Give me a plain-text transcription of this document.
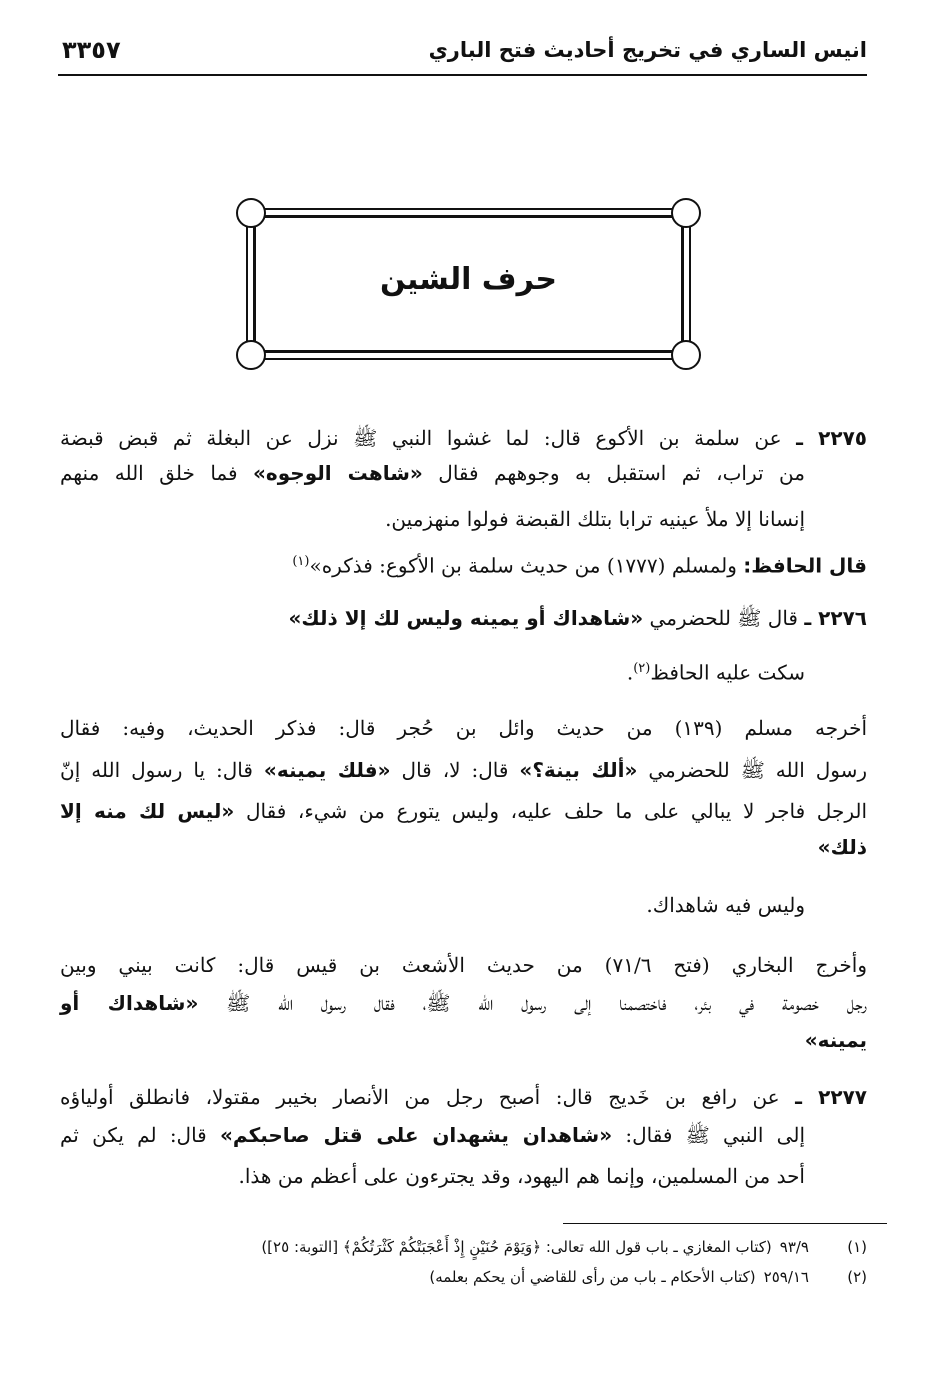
انيس الساري في تخريج أحاديث فتح الباري
٣٣٥٧
حرف الشين
٢٢٧٥ ـ عن سلمة بن الأكوع قال: لما غشوا النبي ﷺ نزل عن البغلة ثم قبض قبضة
من تراب، ثم استقبل به وجوههم فقال «شاهت الوجوه» فما خلق الله منهم
إنسانا إلا ملأ عينيه ترابا بتلك القبضة فولوا منهزمين.
قال الحافظ: ولمسلم (١٧٧٧) من حديث سلمة بن الأكوع: فذكره»$^{(١)}$
٢٢٧٦ ـ قال ﷺ للحضرمي «شاهداك أو يمينه وليس لك إلا ذلك»
سكت عليه الحافظ$^{(٢)}$.
أخرجه مسلم (١٣٩) من حديث وائل بن حُجر قال: فذكر الحديث، وفيه: فقال
رسول الله ﷺ للحضرمي «ألك بينة؟» قال: لا، قال «فلك يمينه» قال: يا رسول الله إنّ
الرجل فاجر لا يبالي على ما حلف عليه، وليس يتورع من شيء، فقال «ليس لك منه إلا
ذلك»
وليس فيه شاهداك.
وأخرج البخاري (فتح ٧١/٦) من حديث الأشعث بن قيس قال: كانت بيني وبين
رجل خصومة في بئر، فاختصمنا إلى رسول الله ﷺ، فقال رسول الله ﷺ «شاهداك أو
يمينه»
٢٢٧٧ ـ عن رافع بن خَديج قال: أصبح رجل من الأنصار بخيبر مقتولا، فانطلق أولياؤه
إلى النبي ﷺ فقال: «شاهدان يشهدان على قتل صاحبكم» قال: لم يكن ثم
أحد من المسلمين، وإنما هم اليهود، وقد يجترءون على أعظم من هذا.
(١)٩٣/٩(كتاب المغازي ـ باب قول الله تعالى: ﴿وَيَوْمَ حُنَيْنٍ إِذْ أَعْجَبَتْكُمْ كَثْرَتُكُمْ﴾ [التوبة: ٢٥])
(٢)٢٥٩/١٦(كتاب الأحكام ـ باب من رأى للقاضي أن يحكم بعلمه)
